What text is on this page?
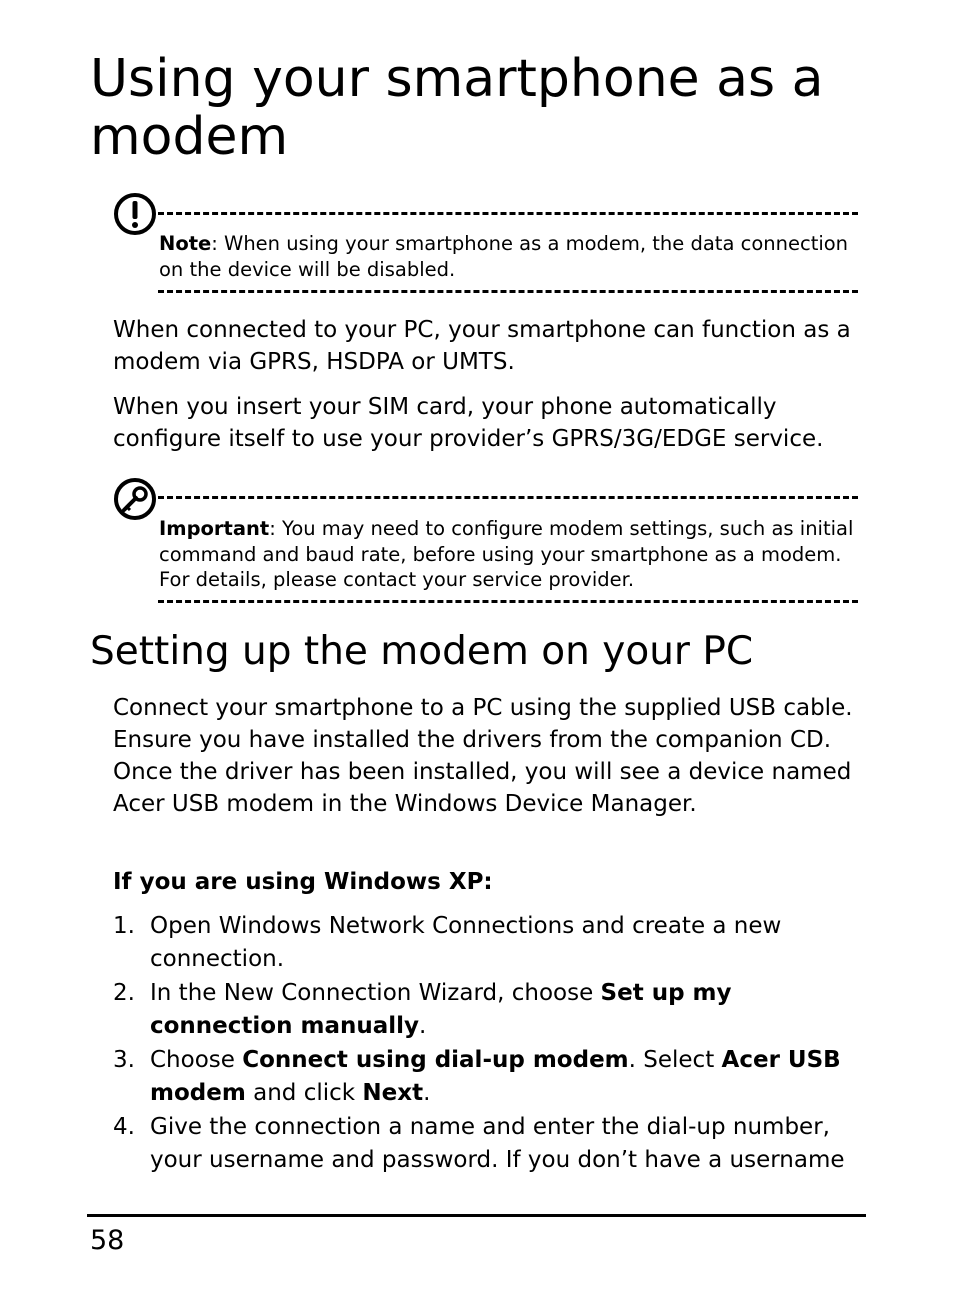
Using your smartphone as a modem
Note: When using your smartphone as a modem, the data connection on the device will be disabled.

When connected to your PC, your smartphone can function as a modem via GPRS, HSDPA or UMTS.

When you insert your SIM card, your phone automatically configure itself to use your provider’s GPRS/3G/EDGE service.

Important: You may need to configure modem settings, such as initial command and baud rate, before using your smartphone as a modem. For details, please contact your service provider.
Setting up the modem on your PC

Connect your smartphone to a PC using the supplied USB cable. Ensure you have installed the drivers from the companion CD. Once the driver has been installed, you will see a device named Acer USB modem in the Windows Device Manager.

If you are using Windows XP:
1. Open Windows Network Connections and create a new connection.
2. In the New Connection Wizard, choose Set up my connection manually.
3. Choose Connect using dial-up modem. Select Acer USB modem and click Next.
4. Give the connection a name and enter the dial-up number, your username and password. If you don’t have a username
58
